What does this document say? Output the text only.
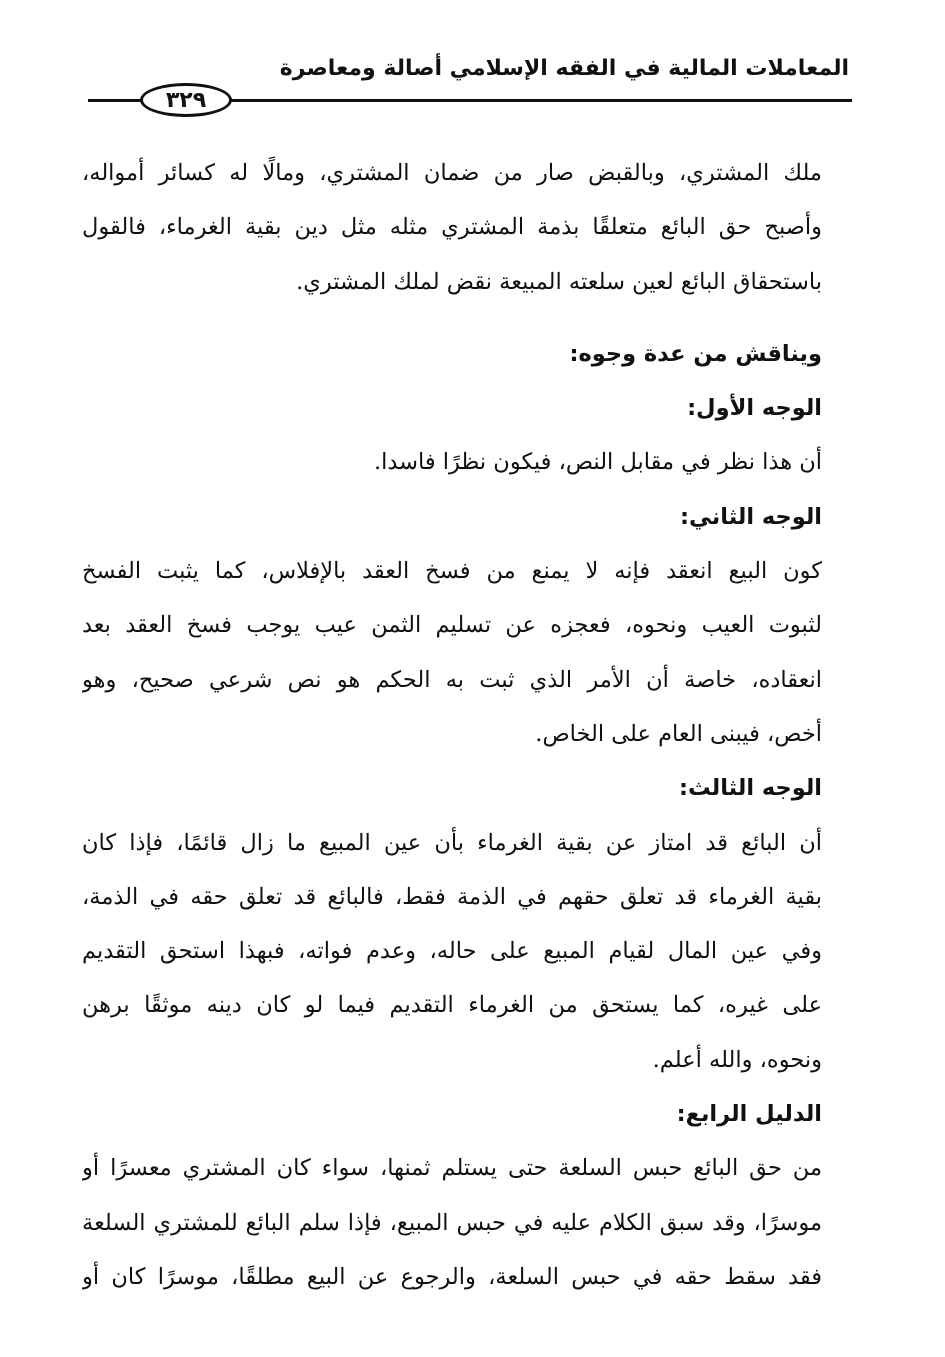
المعاملات المالية في الفقه الإسلامي أصالة ومعاصرة
٣٢٩
ملك المشتري، وبالقبض صار من ضمان المشتري، ومالًا له كسائر أمواله،
وأصبح حق البائع متعلقًا بذمة المشتري مثله مثل دين بقية الغرماء، فالقول
باستحقاق البائع لعين سلعته المبيعة نقض لملك المشتري.
ويناقش من عدة وجوه:
الوجه الأول:
أن هذا نظر في مقابل النص، فيكون نظرًا فاسدا.
الوجه الثاني:
كون البيع انعقد فإنه لا يمنع من فسخ العقد بالإفلاس، كما يثبت الفسخ
لثبوت العيب ونحوه، فعجزه عن تسليم الثمن عيب يوجب فسخ العقد بعد
انعقاده، خاصة أن الأمر الذي ثبت به الحكم هو نص شرعي صحيح، وهو
أخص، فيبنى العام على الخاص.
الوجه الثالث:
أن البائع قد امتاز عن بقية الغرماء بأن عين المبيع ما زال قائمًا، فإذا كان
بقية الغرماء قد تعلق حقهم في الذمة فقط، فالبائع قد تعلق حقه في الذمة،
وفي عين المال لقيام المبيع على حاله، وعدم فواته، فبهذا استحق التقديم
على غيره، كما يستحق من الغرماء التقديم فيما لو كان دينه موثقًا برهن
ونحوه، والله أعلم.
الدليل الرابع:
من حق البائع حبس السلعة حتى يستلم ثمنها، سواء كان المشتري معسرًا أو
موسرًا، وقد سبق الكلام عليه في حبس المبيع، فإذا سلم البائع للمشتري السلعة
فقد سقط حقه في حبس السلعة، والرجوع عن البيع مطلقًا، موسرًا كان أو
